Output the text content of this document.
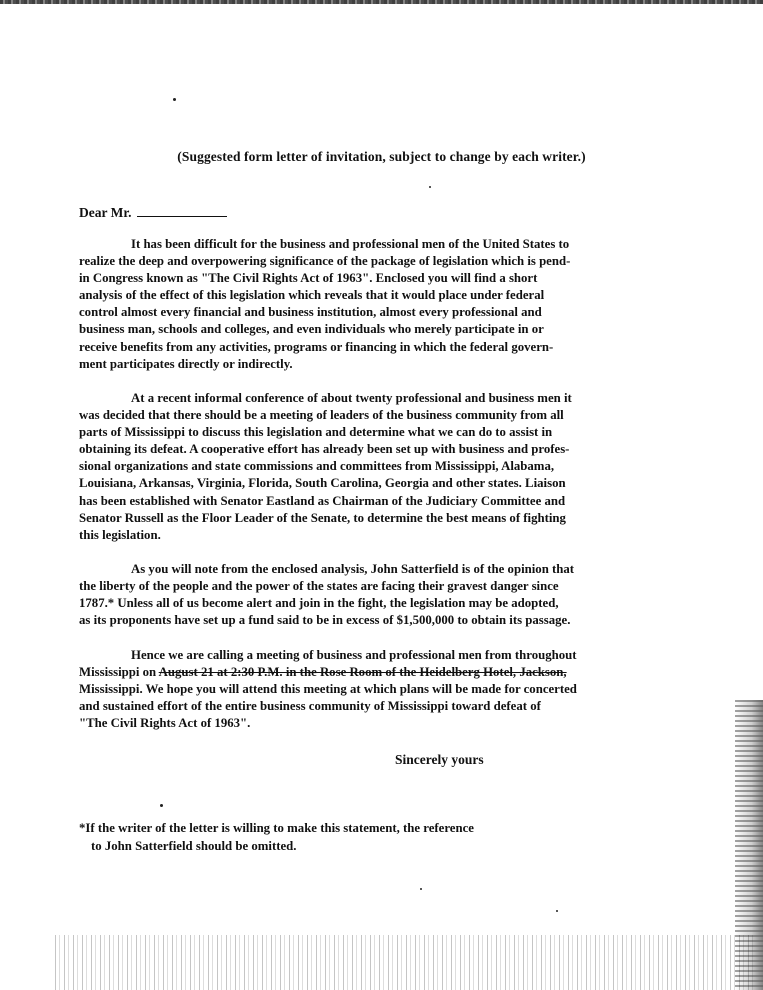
(Suggested form letter of invitation, subject to change by each writer.)
Dear Mr.
It has been difficult for the business and professional men of the United States to
realize the deep and overpowering significance of the package of legislation which is pend-
in Congress known as "The Civil Rights Act of 1963". Enclosed you will find a short
analysis of the effect of this legislation which reveals that it would place under federal
control almost every financial and business institution, almost every professional and
business man, schools and colleges, and even individuals who merely participate in or
receive benefits from any activities, programs or financing in which the federal govern-
ment participates directly or indirectly.
At a recent informal conference of about twenty professional and business men it
was decided that there should be a meeting of leaders of the business community from all
parts of Mississippi to discuss this legislation and determine what we can do to assist in
obtaining its defeat. A cooperative effort has already been set up with business and profes-
sional organizations and state commissions and committees from Mississippi, Alabama,
Louisiana, Arkansas, Virginia, Florida, South Carolina, Georgia and other states. Liaison
has been established with Senator Eastland as Chairman of the Judiciary Committee and
Senator Russell as the Floor Leader of the Senate, to determine the best means of fighting
this legislation.
As you will note from the enclosed analysis, John Satterfield is of the opinion that
the liberty of the people and the power of the states are facing their gravest danger since
1787.* Unless all of us become alert and join in the fight, the legislation may be adopted,
as its proponents have set up a fund said to be in excess of $1,500,000 to obtain its passage.
Hence we are calling a meeting of business and professional men from throughout
Mississippi on August 21 at 2:30 P.M. in the Rose Room of the Heidelberg Hotel, Jackson,
Mississippi. We hope you will attend this meeting at which plans will be made for concerted
and sustained effort of the entire business community of Mississippi toward defeat of
"The Civil Rights Act of 1963".
Sincerely yours
*If the writer of the letter is willing to make this statement, the reference
to John Satterfield should be omitted.
